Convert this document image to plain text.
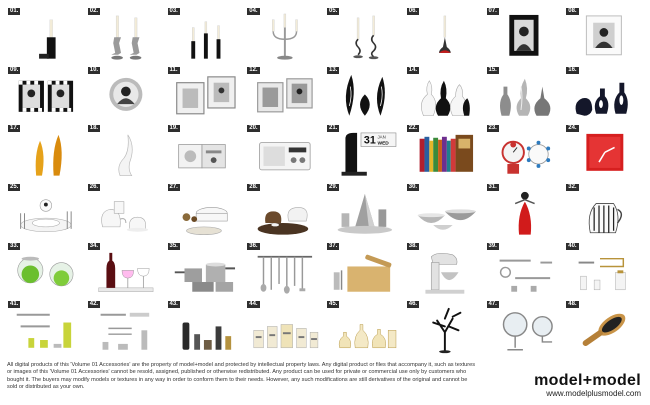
01.	02.	03.	04.	05.	06.	07.	08.
09.	10.	11.	12.	13.	14.	15.	16.
17.	18.	19.	20.	21.
31 JAN
WED
22.	23.	24.
25.	26.	27.	28.	29.	30.	31.	32.
33.	34.	35.	36.	37.	38.	39.	40.
41.	42.	43.	44.	45.	46.	47.	48.
All digital products of this 'Volume 01 Accessories' are the property of model+model and protected by intellectual property laws. Any digital product or files that accompany it, such as textures or images of this 'Volume 01 Accessories' cannot be resold, assigned, published or otherwise redistributed. Any product can be used for private or commercial use only by customers who bought it. The buyers may modify models or textures in any way in order to conform them to their needs. However, any such modifications are still derivatives of the original and cannot be sold or distributed as your own.	model+model
www.modelplusmodel.com
